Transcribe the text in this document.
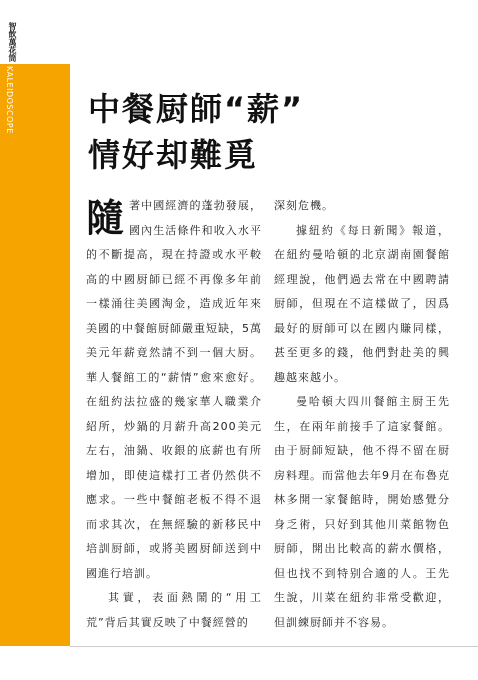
智飲萬花筒
KALEIDOSCOPE 中餐厨師“薪”
情好却難覓

隨著中國經濟的蓬勃發展，國內生活條件和收入水平的不斷提高，現在持證或水平較高的中國厨師已經不再像多年前一樣涌往美國淘金，造成近年來美國的中餐館厨師嚴重短缺，5萬美元年薪竟然請不到一個大厨。華人餐館工的“薪情”愈來愈好。在紐約法拉盛的幾家華人職業介紹所，炒鍋的月薪升高200美元左右，油鍋、收銀的底薪也有所增加，即使這樣打工者仍然供不應求。一些中餐館老板不得不退而求其次，在無經驗的新移民中培訓厨師，或將美國厨師送到中國進行培訓。

其實，表面熱鬧的“用工荒”背后其實反映了中餐經營的

深刻危機。

據紐約《每日新聞》報道，在紐約曼哈頓的北京湖南園餐館經理說，他們過去常在中國聘請厨師，但現在不這樣做了，因爲最好的厨師可以在國内賺同樣，甚至更多的錢，他們對赴美的興趣越來越小。

曼哈頓大四川餐館主厨王先生，在兩年前接手了這家餐館。由于厨師短缺，他不得不留在厨房料理。而當他去年9月在布魯克林多開一家餐館時，開始感覺分身乏術，只好到其他川菜館物色厨師，開出比較高的薪水價格，但也找不到特别合適的人。王先生說，川菜在紐約非常受歡迎，但訓練厨師并不容易。
